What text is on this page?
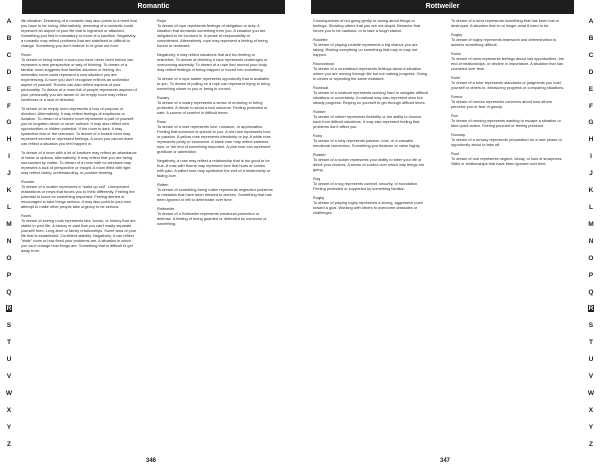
Romantic	Rottweiler
A
B
C
D
E
F
G
H
I
J
K
L
M
N
O
P
Q
R
S
T
U
V
W
X
Y
Z
A
B
C
D
E
F
G
H
I
J
K
L
M
N
O
P
Q
R
S
T
U
V
W
X
Y
Z

life situation. Dreaming of a romantic way also points to a need that you have to be loving. Alternatively, dreaming of a romantic could represent an aspect of your life that is ingrained or attached. Something you find is mandatory or more of a sacrifice. Negatively, a romantic may reflect problems that are stabilized or difficult to change. Something you don't believe in or grow out from.

Room

To dream of being inside a room you have never been before can represent a new perspective or way of thinking. To dream of a familiar room suggests that familiar situation or feeling. An unfamiliar room could represent a new situation you are experiencing. A room you don't recognize reflects an unfamiliar aspect of yourself. Rooms can also reflect aspects of your personality. To dream of a room full of people represents aspects of your personality you are aware of. An empty room may reflect loneliness or a lack of direction.

To dream of an empty room represents a loss of purpose or direction. Alternatively, it may reflect feelings of emptiness or isolation. To dream of a hidden room represents a part of yourself you've forgotten about or never noticed. It may also reflect new opportunities or hidden potential. If the room is dark, it may symbolize fear or the unknown. To dream of a locked room may represent secrets or repressed feelings. A room you cannot leave can reflect a situation you feel trapped in.

To dream of a room with a lot of furniture may reflect an abundance of ideas or options. Alternatively, it may reflect that you are being surrounded by clutter. To dream of a room with no windows may represent a lack of perspective or insight. A room filled with light may reflect clarity, understanding, or positive thinking.

Rooster

To dream of a rooster represents a "wake up call". Unexpected realizations or news that forces you to think differently. Feeling the potential to focus on something important. Feeling alerted or encouraged to take things serious. It may also point to your own attempt to make other people take urgency to be serious.

Roots

To dream of seeing roots represents ties, bonds, or history that are stable in your life. A history or past that you can't easily separate yourself from. Long-term or family relationships. Some area of your life that is established. Confident stability. Negatively, it can reflect "stale" roots or how fixed your problems are. A situation in which you can't change how things are. Something that is difficult to get away from.

Rope

To dream of rope represents feelings of obligation or duty. A situation that demands something from you. A situation you are obligated to be involved in. A sense of responsibility or commitment. Alternatively, rope may represent a feeling of being bound or restricted.

Negatively, it may reflect situations that are too limiting or restrictive. To dream of climbing a rope represents challenges or overcoming adversity. To dream of a rope tied around your body may reflect feelings of being trapped or forced into something.

To dream of a rope ladder represents opportunity that is available to you. To dream of pulling on a rope can represent trying to bring something closer to you or being in control.

Rosary

To dream of a rosary represents a sense of enduring or being protected. A desire to avoid a bad outcome. Feeling protected or safe. A source of comfort in difficult times.

Rose

To dream of a rose represents love, romance, or appreciation. Feeling that someone is special to you. A red rose represents love or passion. A yellow rose represents friendship or joy. A white rose represents purity or innocence. A black rose may reflect sadness, loss, or the end of something important. A pink rose can represent gratitude or admiration.

Negatively, a rose may reflect a relationship that is too good to be true. A rose with thorns may represent love that hurts or comes with pain. A wilted rose may symbolize the end of a relationship or fading love.

Rotten

To dream of something being rotten represents neglected problems or mistakes that have been allowed to worsen. Something that has been ignored or left to deteriorate over time.

Rottweiler

To dream of a Rottweiler represents emotional protection or defense. A feeling of being guarded or defended by someone or something.

Consequences of not going gently or caring about things or feelings. Showing others that you are not stupid. Behavior that forces you to be cautious, or to take a tough stance.

Roulette

To dream of playing roulette represents a big chance you are taking. Risking everything on something that may or may not happen.

Roundabout

To dream of a roundabout represents feelings about a situation where you are moving through life but not making progress. Going in circles or repeating the same mistakes.

Rowboat

To dream of a rowboat represents working hard to navigate difficult situations or uncertainty. A rowboat may also represent slow but steady progress. Relying on yourself to get through difficult times.

Rubber

To dream of rubber represents flexibility or the ability to bounce back from difficult situations. It may also represent feeling that problems don't affect you.

Ruby

To dream of a ruby represents passion, love, or a valuable emotional connection. Something you treasure or value highly.

Rudder

To dream of a rudder represents your ability to steer your life or direct your choices. A sense of control over which way things are going.

Rug

To dream of a rug represents comfort, security, or foundation. Feeling protected or supported by something familiar.

Rugby

To dream of playing rugby represents a strong, aggressive push toward a goal. Working with others to overcome obstacles or challenges.

To dream of a ruins represents something that has been lost or destroyed. A situation that is no longer what it used to be.

Rugby

To dream of rugby represents teamwork and determination to achieve something difficult.

Ruins

To dream of ruins represents feelings about lost opportunities, the end of relationships, or decline in importance. A situation that has crumbled over time.

Ruler

To dream of a ruler represents standards or judgments you hold yourself or others to. Measuring progress or comparing situations.

Rumor

To dream of rumors represents concerns about how others perceive you or fear of gossip.

Run

To dream of running represents wanting to escape a situation or take quick action. Feeling pursued or feeling pressure.

Runway

To dream of a runway represents preparation for a new phase or opportunity about to take off.

Rust

To dream of rust represents neglect, decay, or loss of sharpness. Skills or relationships that have been ignored over time.

346	347
